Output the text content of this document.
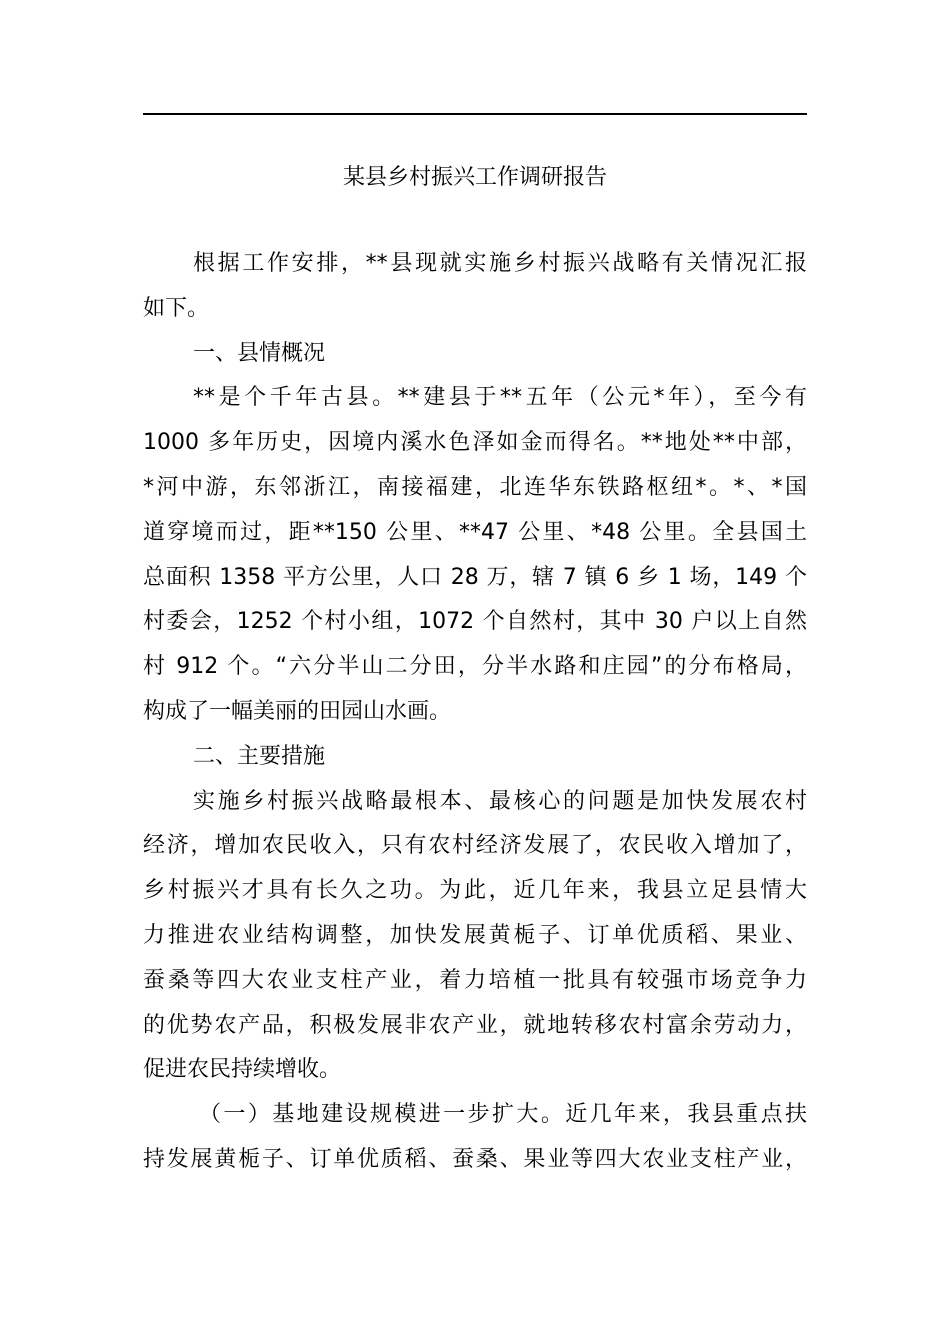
某县乡村振兴工作调研报告
根据工作安排，**县现就实施乡村振兴战略有关情况汇报
如下。
一、县情概况
**是个千年古县。**建县于**五年（公元*年），至今有
1000 多年历史，因境内溪水色泽如金而得名。**地处**中部，
*河中游，东邻浙江，南接福建，北连华东铁路枢纽*。*、*国
道穿境而过，距**150 公里、**47 公里、*48 公里。全县国土
总面积 1358 平方公里，人口 28 万，辖 7 镇 6 乡 1 场，149 个
村委会，1252 个村小组，1072 个自然村，其中 30 户以上自然
村 912 个。“六分半山二分田，分半水路和庄园”的分布格局，
构成了一幅美丽的田园山水画。
二、主要措施
实施乡村振兴战略最根本、最核心的问题是加快发展农村
经济，增加农民收入，只有农村经济发展了，农民收入增加了，
乡村振兴才具有长久之功。为此，近几年来，我县立足县情大
力推进农业结构调整，加快发展黄栀子、订单优质稻、果业、
蚕桑等四大农业支柱产业，着力培植一批具有较强市场竞争力
的优势农产品，积极发展非农产业，就地转移农村富余劳动力，
促进农民持续增收。
（一）基地建设规模进一步扩大。近几年来，我县重点扶
持发展黄栀子、订单优质稻、蚕桑、果业等四大农业支柱产业，
